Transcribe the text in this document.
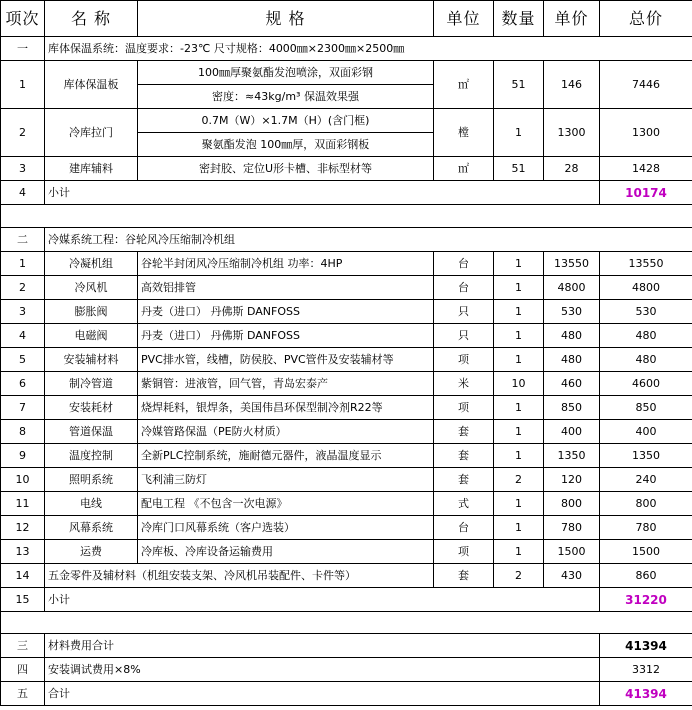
项次	名 称	规 格	单位	数量	单价	总价
一	库体保温系统：温度要求：-23℃ 尺寸规格：4000㎜×2300㎜×2500㎜					
1	库体保温板	100㎜厚聚氨酯发泡喷涂，双面彩钢	㎡	51	146	7446
		密度：≈43kg/m³ 保温效果强				
2	冷库拉门	0.7M（W）×1.7M（H）(含门框)	樘	1	1300	1300
		聚氨酯发泡 100㎜厚，双面彩钢板				
3	建库辅料	密封胶、定位U形卡槽、非标型材等	㎡	51	28	1428
4	小计					10174

二	冷媒系统工程：谷轮风冷压缩制冷机组					
1	冷凝机组	谷轮半封闭风冷压缩制冷机组 功率：4HP	台	1	13550	13550
2	冷风机	高效铝排管	台	1	4800	4800
3	膨胀阀	丹麦（进口） 丹佛斯 DANFOSS	只	1	530	530
4	电磁阀	丹麦（进口） 丹佛斯 DANFOSS	只	1	480	480
5	安装辅材料	PVC排水管，线槽，防侯胶、PVC管件及安装辅材等	项	1	480	480
6	制冷管道	紫铜管：进液管，回气管，青岛宏泰产	米	10	460	4600
7	安装耗材	烧焊耗料，银焊条，美国伟昌环保型制冷剂R22等	项	1	850	850
8	管道保温	冷媒管路保温（PE防火材质）	套	1	400	400
9	温度控制	全新PLC控制系统，施耐德元器件，液晶温度显示	套	1	1350	1350
10	照明系统	飞利浦三防灯	套	2	120	240
11	电线	配电工程 《不包含一次电源》	式	1	800	800
12	风幕系统	冷库门口风幕系统（客户选装）	台	1	780	780
13	运费	冷库板、冷库设备运输费用	项	1	1500	1500
14	五金零件及辅材料（机组安装支架、冷风机吊装配件、卡件等）		套	2	430	860
15	小计					31220

三	材料费用合计					41394
四	安装调试费用×8%					3312
五	合计					41394
